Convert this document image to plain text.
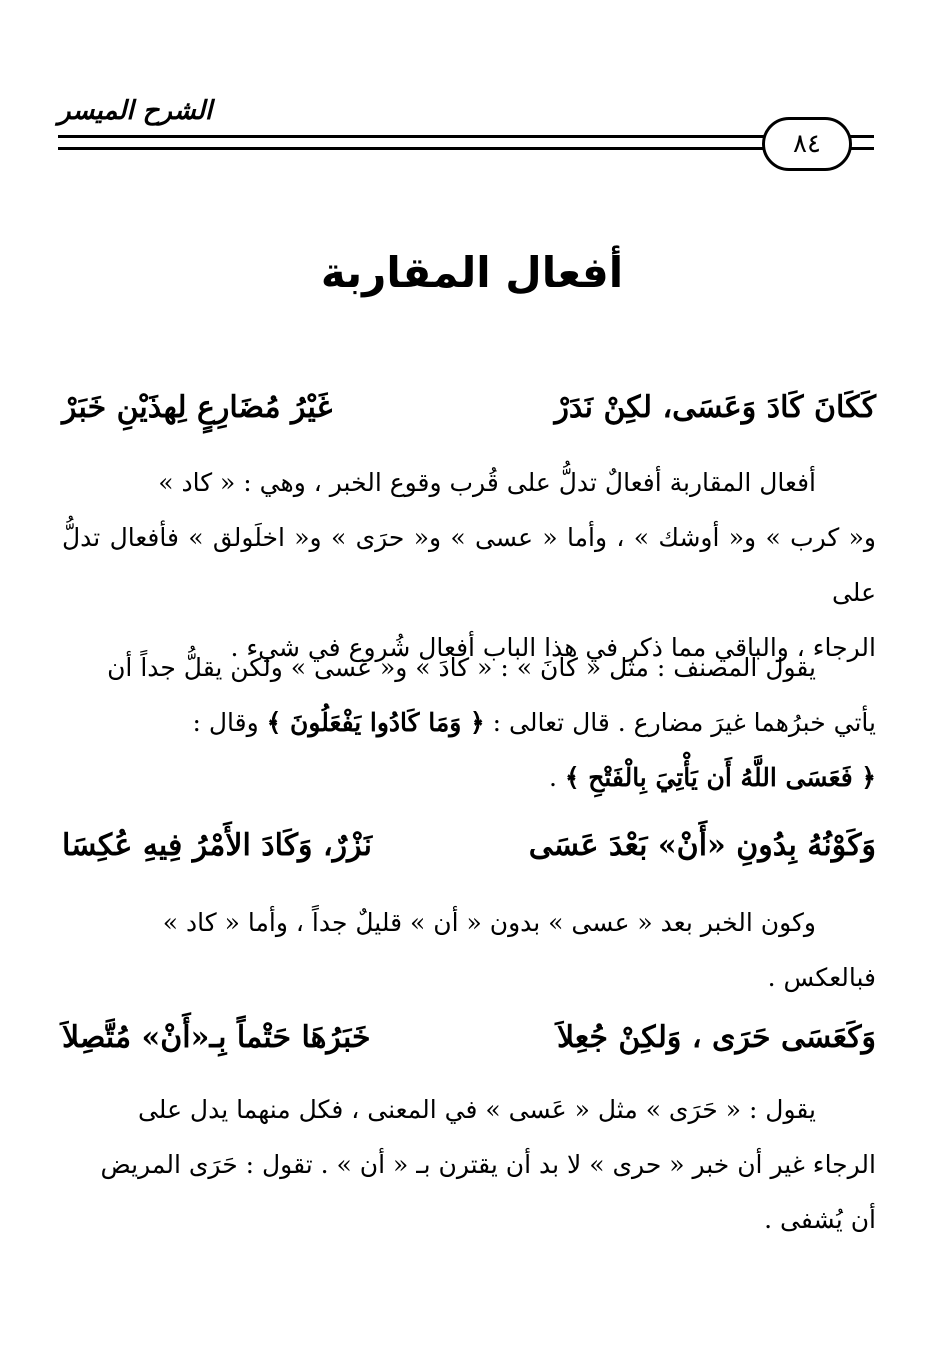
الشرح الميسر

٨٤
أفعال المقاربة
كَكَانَ كَادَ وَعَسَى، لكِنْ نَدَرْ
غَيْرُ مُضَارِعٍ لِهذَيْنِ خَبَرْ
أفعال المقاربة أفعالٌ تدلُّ على قُرب وقوع الخبر ، وهي : « كاد »
و« كرب » و« أوشك » ، وأما « عسى » و« حرَى » و« اخلَولق » فأفعال تدلُّ على
الرجاء ، والباقي مما ذكر في هذا الباب أفعال شُروع في شيء .
يقول المصنف : مثل « كانَ » : « كادَ » و« عسى » ولكن يقلُّ جداً أن
يأتي خبرُهما غيرَ مضارع . قال تعالى : ﴿ وَمَا كَادُوا يَفْعَلُونَ ﴾ وقال :
﴿ فَعَسَى اللَّهُ أَن يَأْتِيَ بِالْفَتْحِ ﴾ .
وَكَوْنُهُ بِدُونِ «أَنْ» بَعْدَ عَسَى
نَزْرٌ، وَكَادَ الأَمْرُ فِيهِ عُكِسَا
وكون الخبر بعد « عسى » بدون « أن » قليلٌ جداً ، وأما « كاد »
فبالعكس .
وَكَعَسَى حَرَى ، وَلكِنْ جُعِلاَ
خَبَرُهَا حَتْماً بِـ«أَنْ» مُتَّصِلاَ
يقول : « حَرَى » مثل « عَسى » في المعنى ، فكل منهما يدل على
الرجاء غير أن خبر « حرى » لا بد أن يقترن بـ « أن » . تقول : حَرَى المريض
أن يُشفى .
